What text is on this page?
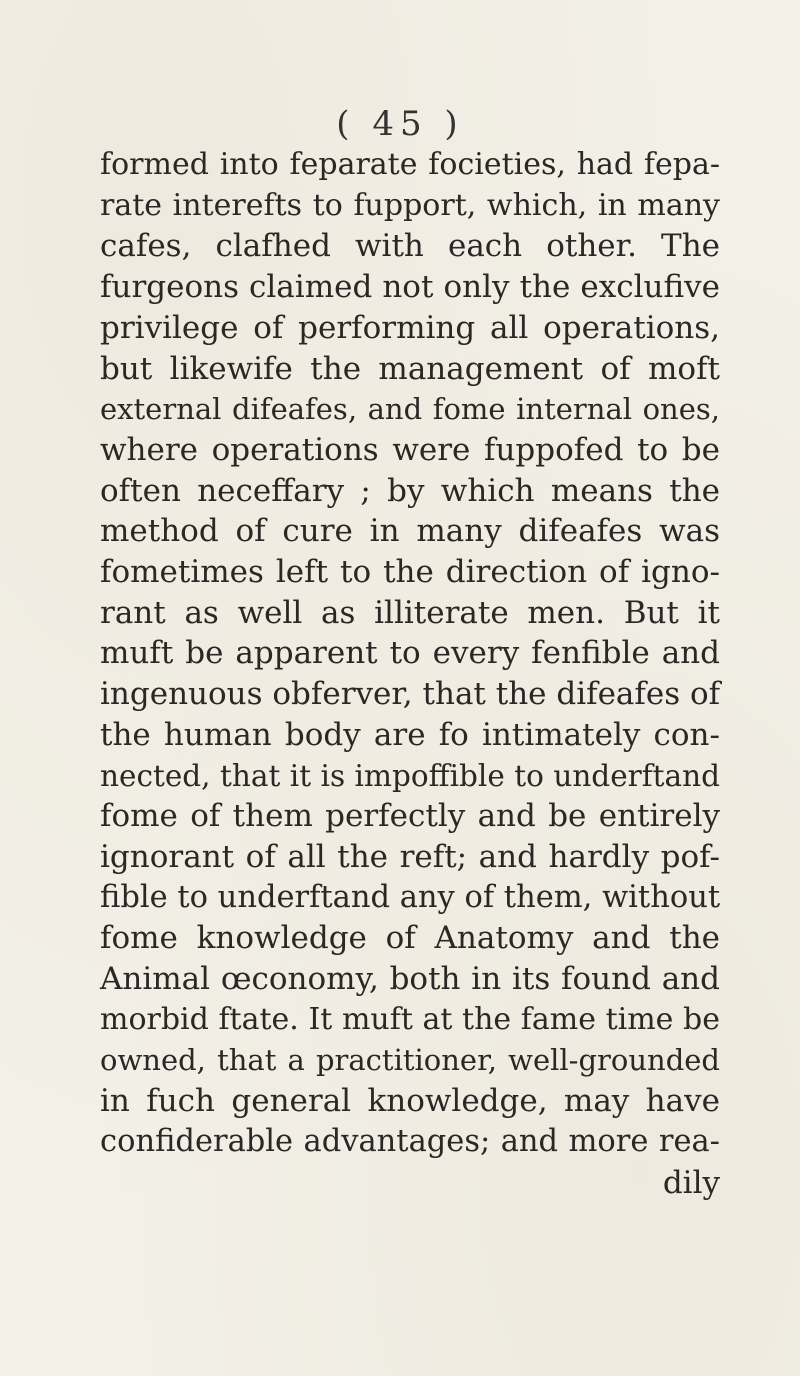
( 45 )
formed into feparate focieties, had fepa-
rate interefts to fupport, which, in many
cafes, clafhed with each other. The
furgeons claimed not only the exclufive
privilege of performing all operations,
but likewife the management of moft
external difeafes, and fome internal ones,
where operations were fuppofed to be
often neceffary ; by which means the
method of cure in many difeafes was
fometimes left to the direction of igno-
rant as well as illiterate men. But it
muft be apparent to every fenfible and
ingenuous obferver, that the difeafes of
the human body are fo intimately con-
nected, that it is impoffible to underftand
fome of them perfectly and be entirely
ignorant of all the reft; and hardly pof-
fible to underftand any of them, without
fome knowledge of Anatomy and the
Animal œconomy, both in its found and
morbid ftate. It muft at the fame time be
owned, that a practitioner, well-grounded
in fuch general knowledge, may have
confiderable advantages; and more rea-
dily
